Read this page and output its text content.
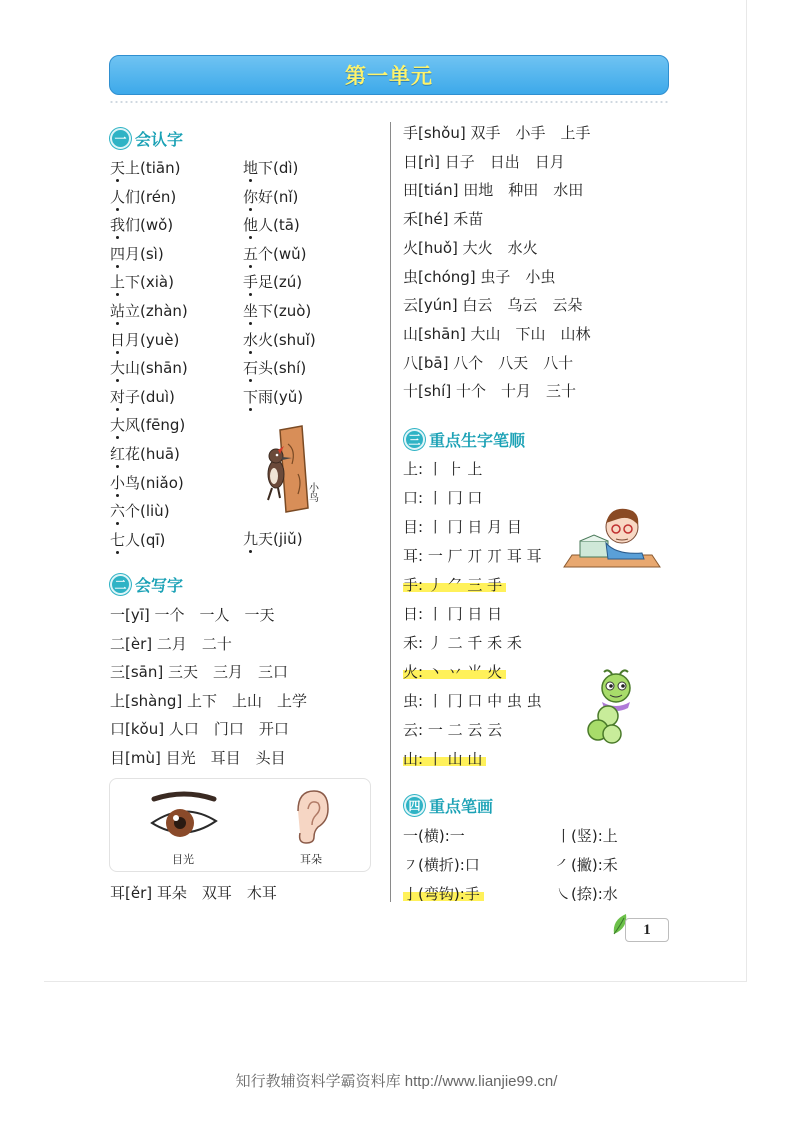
第一单元
一 会认字
天上(tiān)
人们(rén)
我们(wǒ)
四月(sì)
上下(xià)
站立(zhàn)
日月(yuè)
大山(shān)
对子(duì)
大风(fēng)
红花(huā)
小鸟(niǎo)
六个(liù)
七人(qī)
地下(dì)
你好(nǐ)
他人(tā)
五个(wǔ)
手足(zú)
坐下(zuò)
水火(shuǐ)
石头(shí)
下雨(yǔ)
九天(jiǔ)
小鸟
二 会写字
一[yī] 一个　一人　一天
二[èr] 二月　二十
三[sān] 三天　三月　三口
上[shàng] 上下　上山　上学
口[kǒu] 人口　门口　开口
目[mù] 目光　耳目　头目
目光	耳朵
耳[ěr] 耳朵　双耳　木耳
手[shǒu] 双手　小手　上手
日[rì] 日子　日出　日月
田[tián] 田地　种田　水田
禾[hé] 禾苗
火[huǒ] 大火　水火
虫[chóng] 虫子　小虫
云[yún] 白云　乌云　云朵
山[shān] 大山　下山　山林
八[bā] 八个　八天　八十
十[shí] 十个　十月　三十
三 重点生字笔顺
上: 丨 ⺊ 上
口: 丨 冂 口
目: 丨 冂 日 月 目
耳: 一 厂 丌 丌 耳 耳
手: 丿 ⺈ 三 手
日: 丨 冂 日 日
禾: 丿 二 千 禾 禾
火: 丶 丷 ⺌ 火
虫: 丨 冂 口 中 虫 虫
云: 一 二 云 云
山: 丨 山 山
四 重点笔画
一(横):一
㇇(横折):口
亅(弯钩):手
丨(竖):上
㇒(撇):禾
㇏(捺):水
1
知行教辅资料学霸资料库 http://www.lianjie99.cn/
